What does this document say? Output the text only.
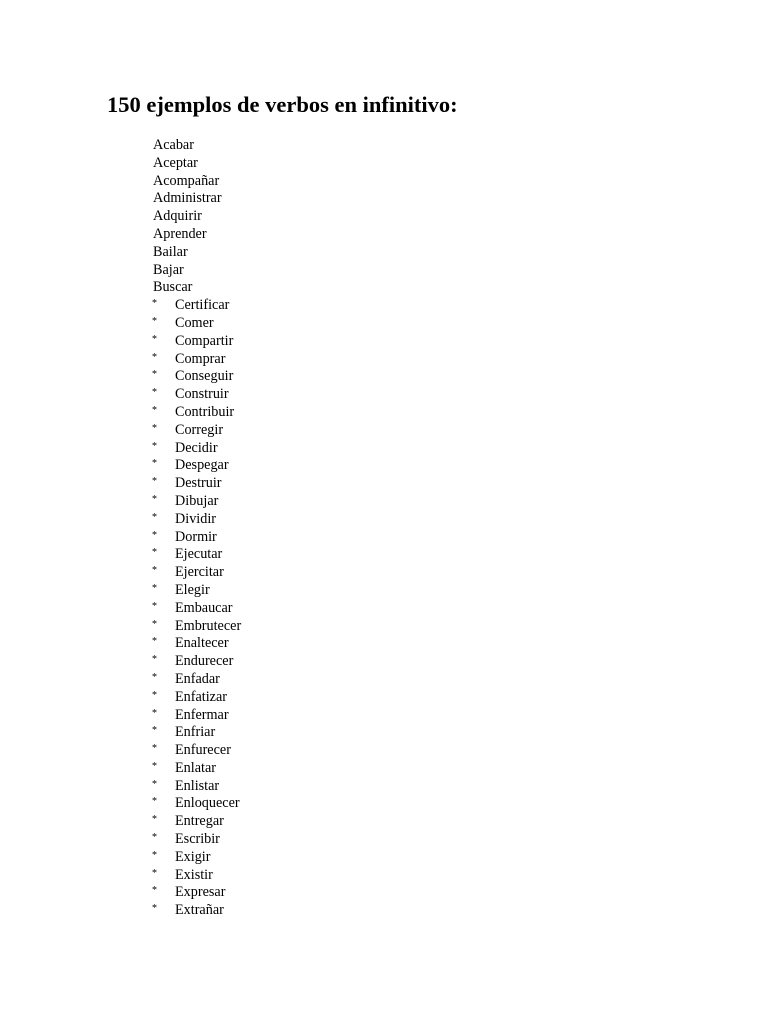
150 ejemplos de verbos en infinitivo:
Acabar
Aceptar
Acompañar
Administrar
Adquirir
Aprender
Bailar
Bajar
Buscar
* Certificar
* Comer
* Compartir
* Comprar
* Conseguir
* Construir
* Contribuir
* Corregir
* Decidir
* Despegar
* Destruir
* Dibujar
* Dividir
* Dormir
* Ejecutar
* Ejercitar
* Elegir
* Embaucar
* Embrutecer
* Enaltecer
* Endurecer
* Enfadar
* Enfatizar
* Enfermar
* Enfriar
* Enfurecer
* Enlatar
* Enlistar
* Enloquecer
* Entregar
* Escribir
* Exigir
* Existir
* Expresar
* Extrañar
